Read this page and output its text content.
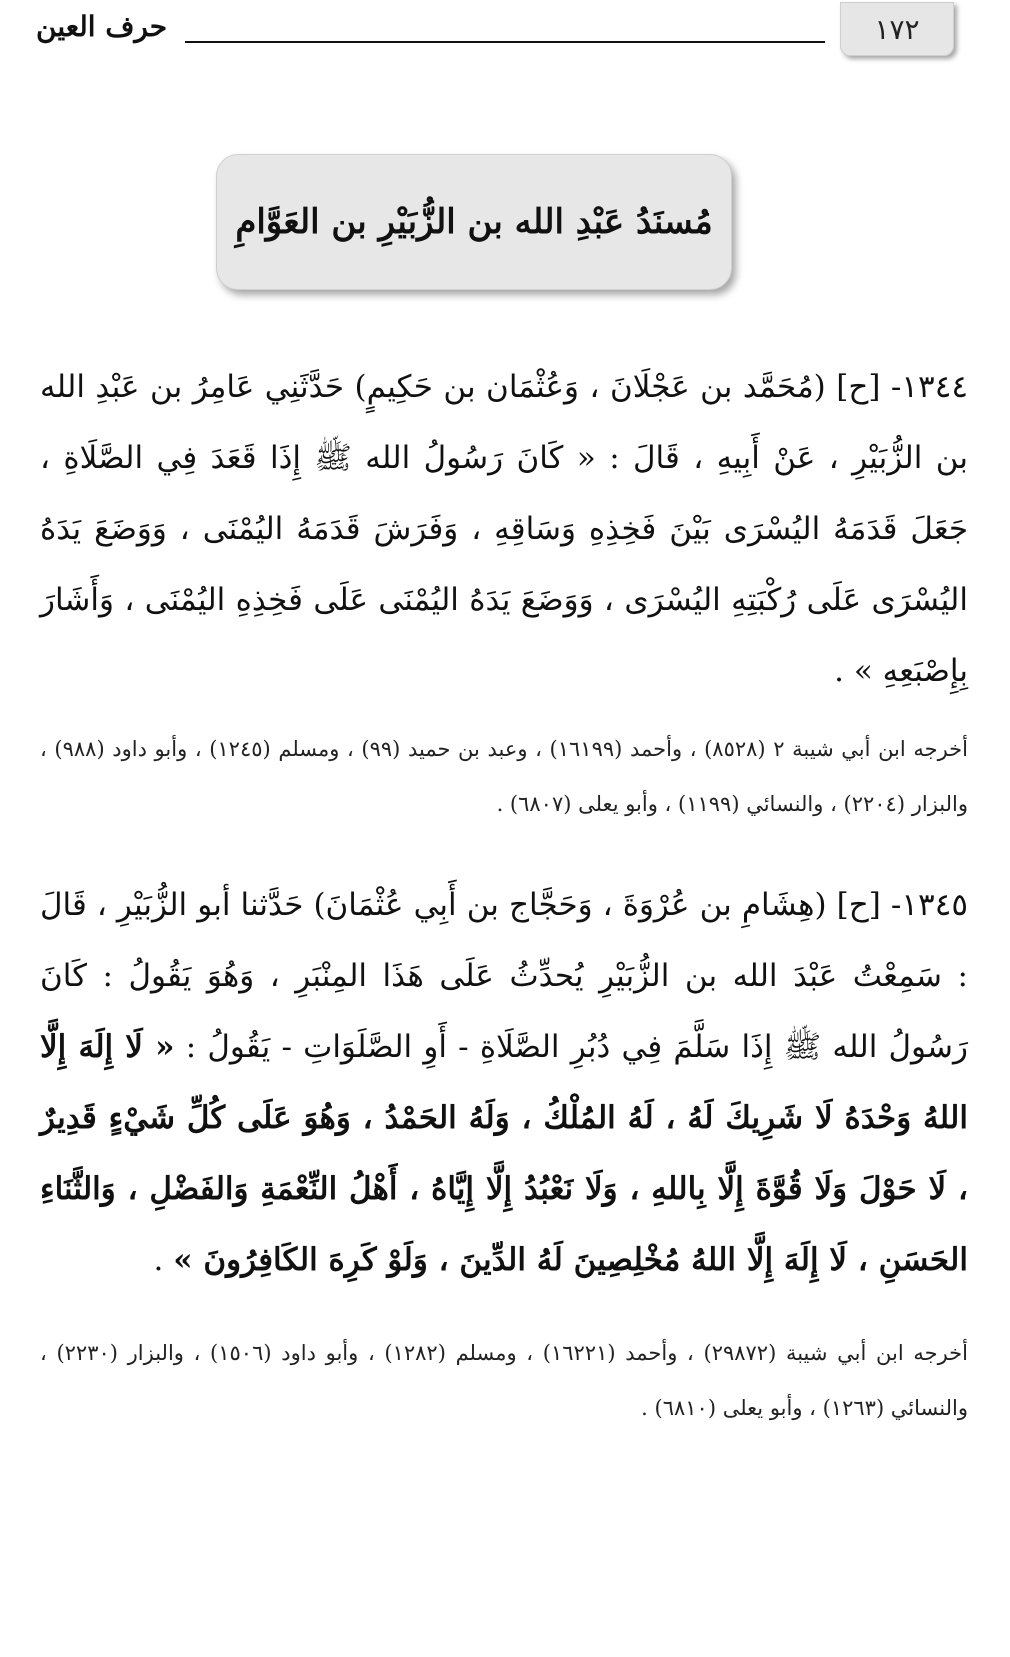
١٧٢
حرف العين
مُسنَدُ عَبْدِ الله بن الزُّبَيْرِ بن العَوَّامِ
١٣٤٤- [ح] (مُحَمَّد بن عَجْلَانَ ، وَعُثْمَان بن حَكِيمٍ) حَدَّثَنِي عَامِرُ بن عَبْدِ الله بن الزُّبَيْرِ ، عَنْ أَبِيهِ ، قَالَ : « كَانَ رَسُولُ الله ﷺ إِذَا قَعَدَ فِي الصَّلَاةِ ، جَعَلَ قَدَمَهُ اليُسْرَى بَيْنَ فَخِذِهِ وَسَاقِهِ ، وَفَرَشَ قَدَمَهُ اليُمْنَى ، وَوَضَعَ يَدَهُ اليُسْرَى عَلَى رُكْبَتِهِ اليُسْرَى ، وَوَضَعَ يَدَهُ اليُمْنَى عَلَى فَخِذِهِ اليُمْنَى ، وَأَشَارَ بِإِصْبَعِهِ » .
أخرجه ابن أبي شيبة ٢ (٨٥٢٨) ، وأحمد (١٦١٩٩) ، وعبد بن حميد (٩٩) ، ومسلم (١٢٤٥) ، وأبو داود (٩٨٨) ، والبزار (٢٢٠٤) ، والنسائي (١١٩٩) ، وأبو يعلى (٦٨٠٧) .
١٣٤٥- [ح] (هِشَامِ بن عُرْوَةَ ، وَحَجَّاج بن أَبِي عُثْمَانَ) حَدَّثنا أبو الزُّبَيْرِ ، قَالَ : سَمِعْتُ عَبْدَ الله بن الزُّبَيْرِ يُحدِّثُ عَلَى هَذَا المِنْبَرِ ، وَهُوَ يَقُولُ : كَانَ رَسُولُ الله ﷺ إِذَا سَلَّمَ فِي دُبُرِ الصَّلَاةِ - أَوِ الصَّلَوَاتِ - يَقُولُ : « لَا إِلَهَ إِلَّا اللهُ وَحْدَهُ لَا شَرِيكَ لَهُ ، لَهُ المُلْكُ ، وَلَهُ الحَمْدُ ، وَهُوَ عَلَى كُلِّ شَيْءٍ قَدِيرٌ ، لَا حَوْلَ وَلَا قُوَّةَ إِلَّا بِاللهِ ، وَلَا نَعْبُدُ إِلَّا إِيَّاهُ ، أَهْلُ النِّعْمَةِ وَالفَضْلِ ، وَالثَّنَاءِ الحَسَنِ ، لَا إِلَهَ إِلَّا اللهُ مُخْلِصِينَ لَهُ الدِّينَ ، وَلَوْ كَرِهَ الكَافِرُونَ » .
أخرجه ابن أبي شيبة (٢٩٨٧٢) ، وأحمد (١٦٢٢١) ، ومسلم (١٢٨٢) ، وأبو داود (١٥٠٦) ، والبزار (٢٢٣٠) ، والنسائي (١٢٦٣) ، وأبو يعلى (٦٨١٠) .
